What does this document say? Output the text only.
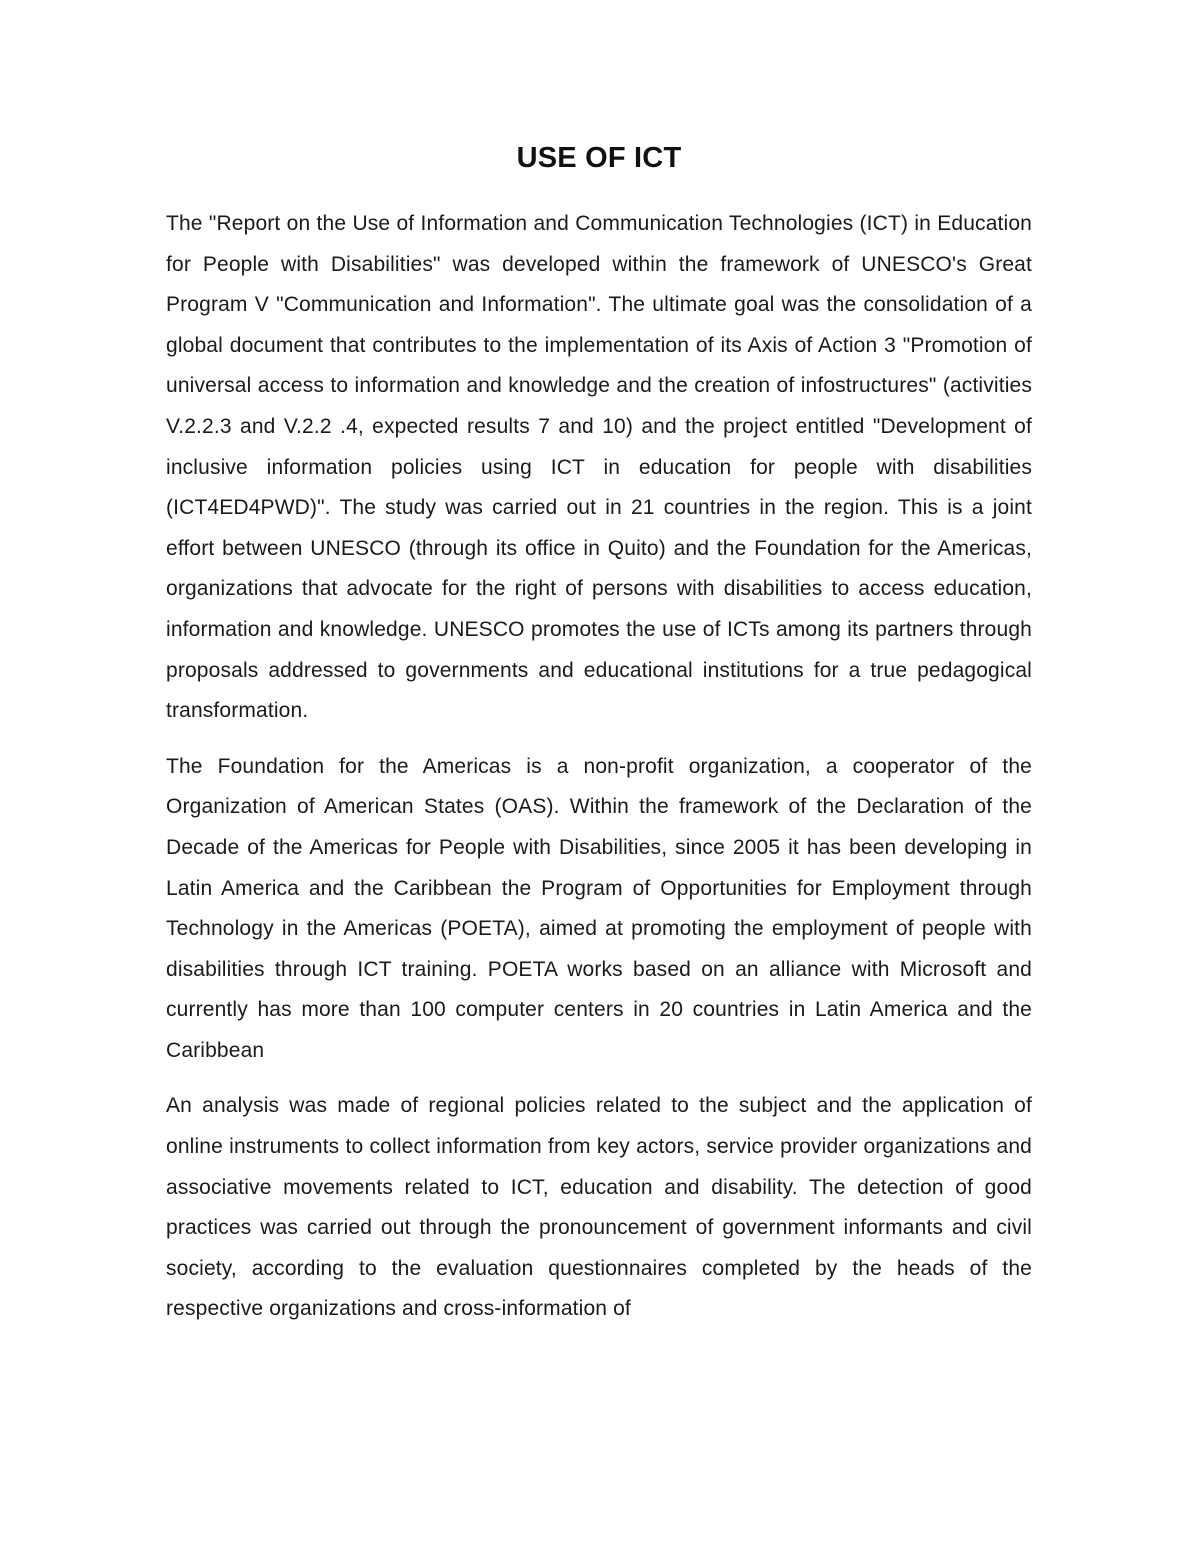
USE OF ICT

The "Report on the Use of Information and Communication Technologies (ICT) in Education for People with Disabilities" was developed within the framework of UNESCO's Great Program V "Communication and Information". The ultimate goal was the consolidation of a global document that contributes to the implementation of its Axis of Action 3 "Promotion of universal access to information and knowledge and the creation of infostructures" (activities V.2.2.3 and V.2.2 .4, expected results 7 and 10) and the project entitled "Development of inclusive information policies using ICT in education for people with disabilities (ICT4ED4PWD)". The study was carried out in 21 countries in the region. This is a joint effort between UNESCO (through its office in Quito) and the Foundation for the Americas, organizations that advocate for the right of persons with disabilities to access education, information and knowledge. UNESCO promotes the use of ICTs among its partners through proposals addressed to governments and educational institutions for a true pedagogical transformation.

The Foundation for the Americas is a non-profit organization, a cooperator of the Organization of American States (OAS). Within the framework of the Declaration of the Decade of the Americas for People with Disabilities, since 2005 it has been developing in Latin America and the Caribbean the Program of Opportunities for Employment through Technology in the Americas (POETA), aimed at promoting the employment of people with disabilities through ICT training. POETA works based on an alliance with Microsoft and currently has more than 100 computer centers in 20 countries in Latin America and the Caribbean

An analysis was made of regional policies related to the subject and the application of online instruments to collect information from key actors, service provider organizations and associative movements related to ICT, education and disability. The detection of good practices was carried out through the pronouncement of government informants and civil society, according to the evaluation questionnaires completed by the heads of the respective organizations and cross-information of
